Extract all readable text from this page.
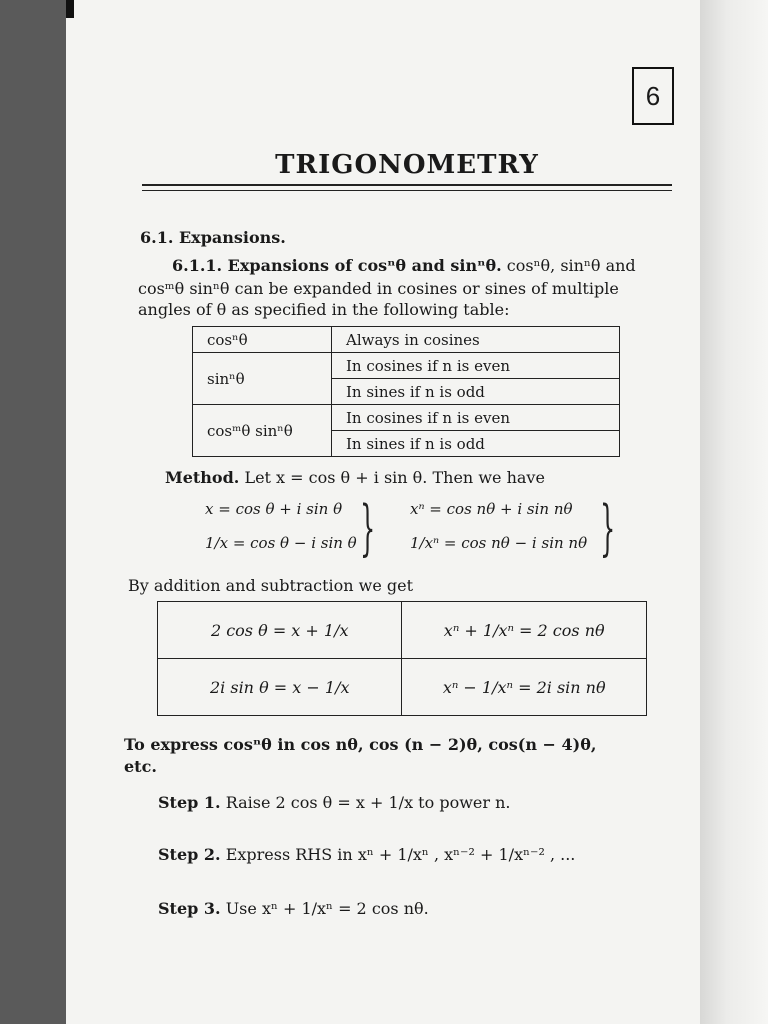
6
TRIGONOMETRY
6.1. Expansions.
6.1.1. Expansions of cosⁿθ and sinⁿθ. cosⁿθ, sinⁿθ and
cosᵐθ sinⁿθ can be expanded in cosines or sines of multiple
angles of θ as specified in the following table:
cosⁿθ	Always in cosines
sinⁿθ	In cosines if n is even
	In sines if n is odd
cosᵐθ sinⁿθ	In cosines if n is even
	In sines if n is odd
Method. Let x = cos θ + i sin θ. Then we have
x = cos θ + i sin θ
1/x = cos θ − i sin θ } xⁿ = cos nθ + i sin nθ
1/xⁿ = cos nθ − i sin nθ }
By addition and subtraction we get
2 cos θ = x + 1/x	xⁿ + 1/xⁿ = 2 cos nθ
2i sin θ = x − 1/x	xⁿ − 1/xⁿ = 2i sin nθ
To express cosⁿθ in cos nθ, cos (n − 2)θ, cos(n − 4)θ,
etc.
Step 1. Raise 2 cos θ = x + 1/x to power n.
Step 2. Express RHS in xⁿ + 1/xⁿ , xⁿ⁻² + 1/xⁿ⁻² , ...
Step 3. Use xⁿ + 1/xⁿ = 2 cos nθ.
